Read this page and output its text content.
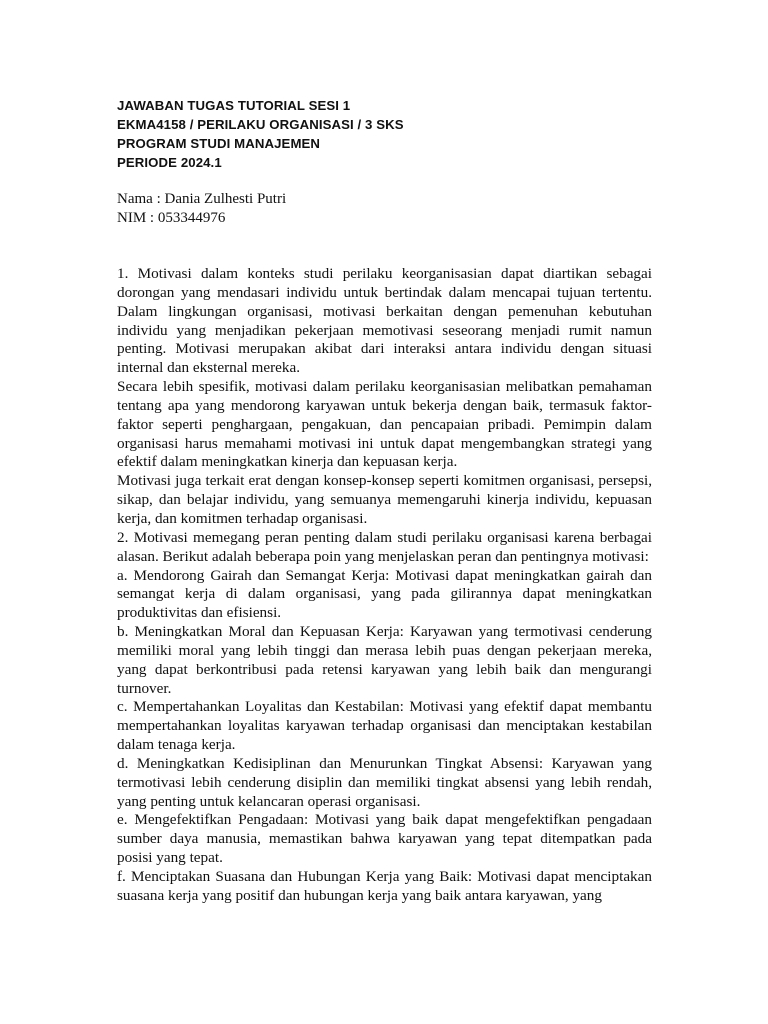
JAWABAN TUGAS TUTORIAL SESI 1
EKMA4158 / PERILAKU ORGANISASI / 3 SKS
PROGRAM STUDI MANAJEMEN
PERIODE 2024.1
Nama : Dania Zulhesti Putri
NIM : 053344976

1. Motivasi dalam konteks studi perilaku keorganisasian dapat diartikan sebagai dorongan yang mendasari individu untuk bertindak dalam mencapai tujuan tertentu. Dalam lingkungan organisasi, motivasi berkaitan dengan pemenuhan kebutuhan individu yang menjadikan pekerjaan memotivasi seseorang menjadi rumit namun penting. Motivasi merupakan akibat dari interaksi antara individu dengan situasi internal dan eksternal mereka.

Secara lebih spesifik, motivasi dalam perilaku keorganisasian melibatkan pemahaman tentang apa yang mendorong karyawan untuk bekerja dengan baik, termasuk faktor-faktor seperti penghargaan, pengakuan, dan pencapaian pribadi. Pemimpin dalam organisasi harus memahami motivasi ini untuk dapat mengembangkan strategi yang efektif dalam meningkatkan kinerja dan kepuasan kerja.

Motivasi juga terkait erat dengan konsep-konsep seperti komitmen organisasi, persepsi, sikap, dan belajar individu, yang semuanya memengaruhi kinerja individu, kepuasan kerja, dan komitmen terhadap organisasi.

2. Motivasi memegang peran penting dalam studi perilaku organisasi karena berbagai alasan. Berikut adalah beberapa poin yang menjelaskan peran dan pentingnya motivasi:

a. Mendorong Gairah dan Semangat Kerja: Motivasi dapat meningkatkan gairah dan semangat kerja di dalam organisasi, yang pada gilirannya dapat meningkatkan produktivitas dan efisiensi.

b. Meningkatkan Moral dan Kepuasan Kerja: Karyawan yang termotivasi cenderung memiliki moral yang lebih tinggi dan merasa lebih puas dengan pekerjaan mereka, yang dapat berkontribusi pada retensi karyawan yang lebih baik dan mengurangi turnover.

c. Mempertahankan Loyalitas dan Kestabilan: Motivasi yang efektif dapat membantu mempertahankan loyalitas karyawan terhadap organisasi dan menciptakan kestabilan dalam tenaga kerja.

d. Meningkatkan Kedisiplinan dan Menurunkan Tingkat Absensi: Karyawan yang termotivasi lebih cenderung disiplin dan memiliki tingkat absensi yang lebih rendah, yang penting untuk kelancaran operasi organisasi.

e. Mengefektifkan Pengadaan: Motivasi yang baik dapat mengefektifkan pengadaan sumber daya manusia, memastikan bahwa karyawan yang tepat ditempatkan pada posisi yang tepat.

f. Menciptakan Suasana dan Hubungan Kerja yang Baik: Motivasi dapat menciptakan suasana kerja yang positif dan hubungan kerja yang baik antara karyawan, yang
